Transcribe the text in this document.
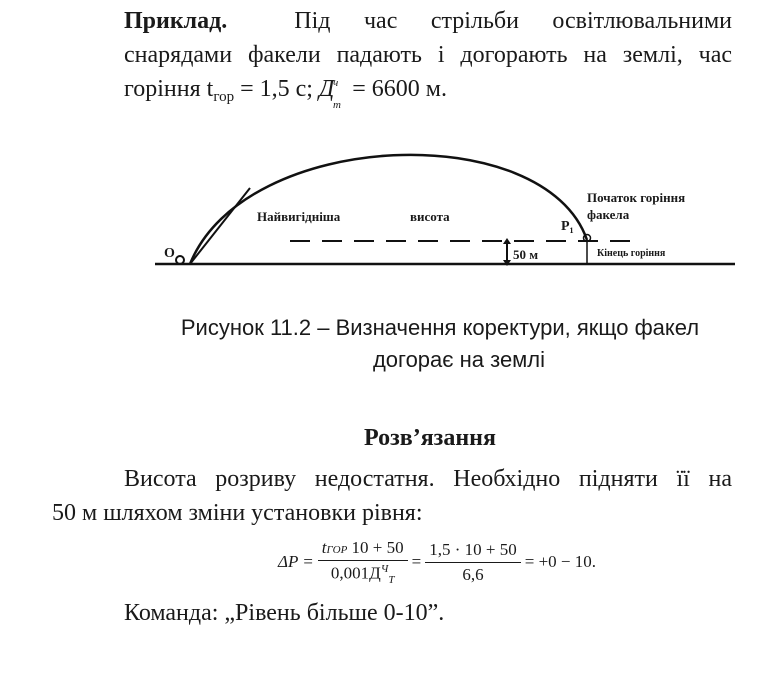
Приклад.	Під час стрільби освітлювальними
снарядами факели падають і догорають на землі, час
горіння $t_{гор} = 1,5$ с; Д
ч
т
= 6600 м.
О
Найвигідніша	висота
P₁
Початок горіння
факела
50 м	Кінець горіння
Рисунок 11.2 – Визначення коректури, якщо факел
догорає на землі
Розв’язання
Висота розриву недостатня. Необхідно підняти її на
50 м шляхом зміни установки рівня:
$\Delta P = \frac{\text{tГОР 10 + 50}}{0,001Д^Ч_Т} = \frac{1,5 \cdot 10 + 50}{6,6} = +0 - 10$.
Команда: „Рівень більше 0-10”.
